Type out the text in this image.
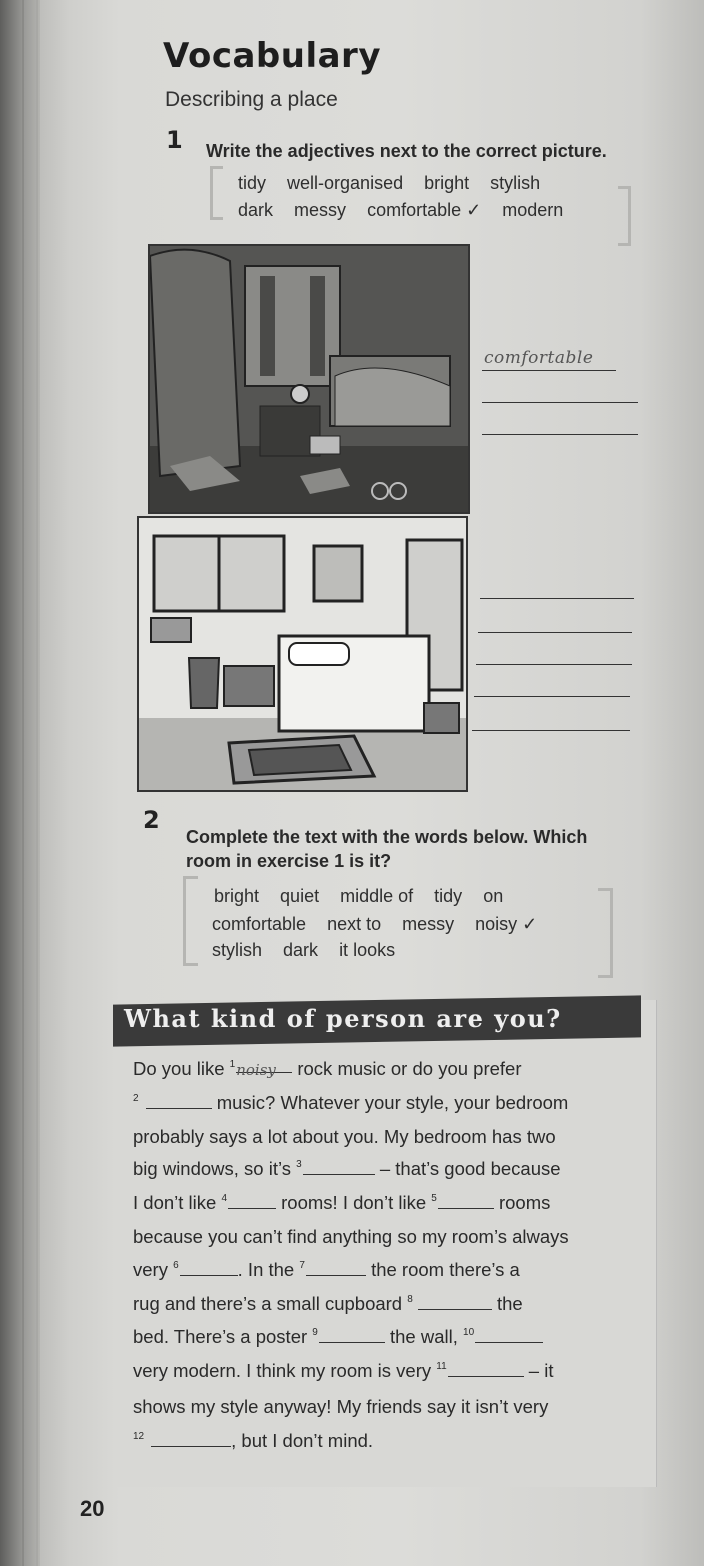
Vocabulary
Describing a place
1 Write the adjectives next to the correct picture.
tidy well-organised bright stylish
dark messy comfortable ✓ modern
comfortable
2
Complete the text with the words below. Which
room in exercise 1 is it?
bright quiet middle of tidy on
comfortable next to messy noisy ✓
stylish dark it looks
What kind of person are you?
Do you like $^1$noisy rock music or do you prefer
$^2$	music? Whatever your style, your bedroom
probably says a lot about you. My bedroom has two
big windows, so it’s $^3$	– that’s good because
I don’t like $^4$	rooms! I don’t like $^5$	rooms
because you can’t find anything so my room’s always
very $^6$	. In the $^7$	the room there’s a
rug and there’s a small cupboard $^8$	the
bed. There’s a poster $^9$	the wall, $^{10}$
very modern. I think my room is very $^{11}$	– it
shows my style anyway! My friends say it isn’t very
$^{12}$	, but I don’t mind.
20
